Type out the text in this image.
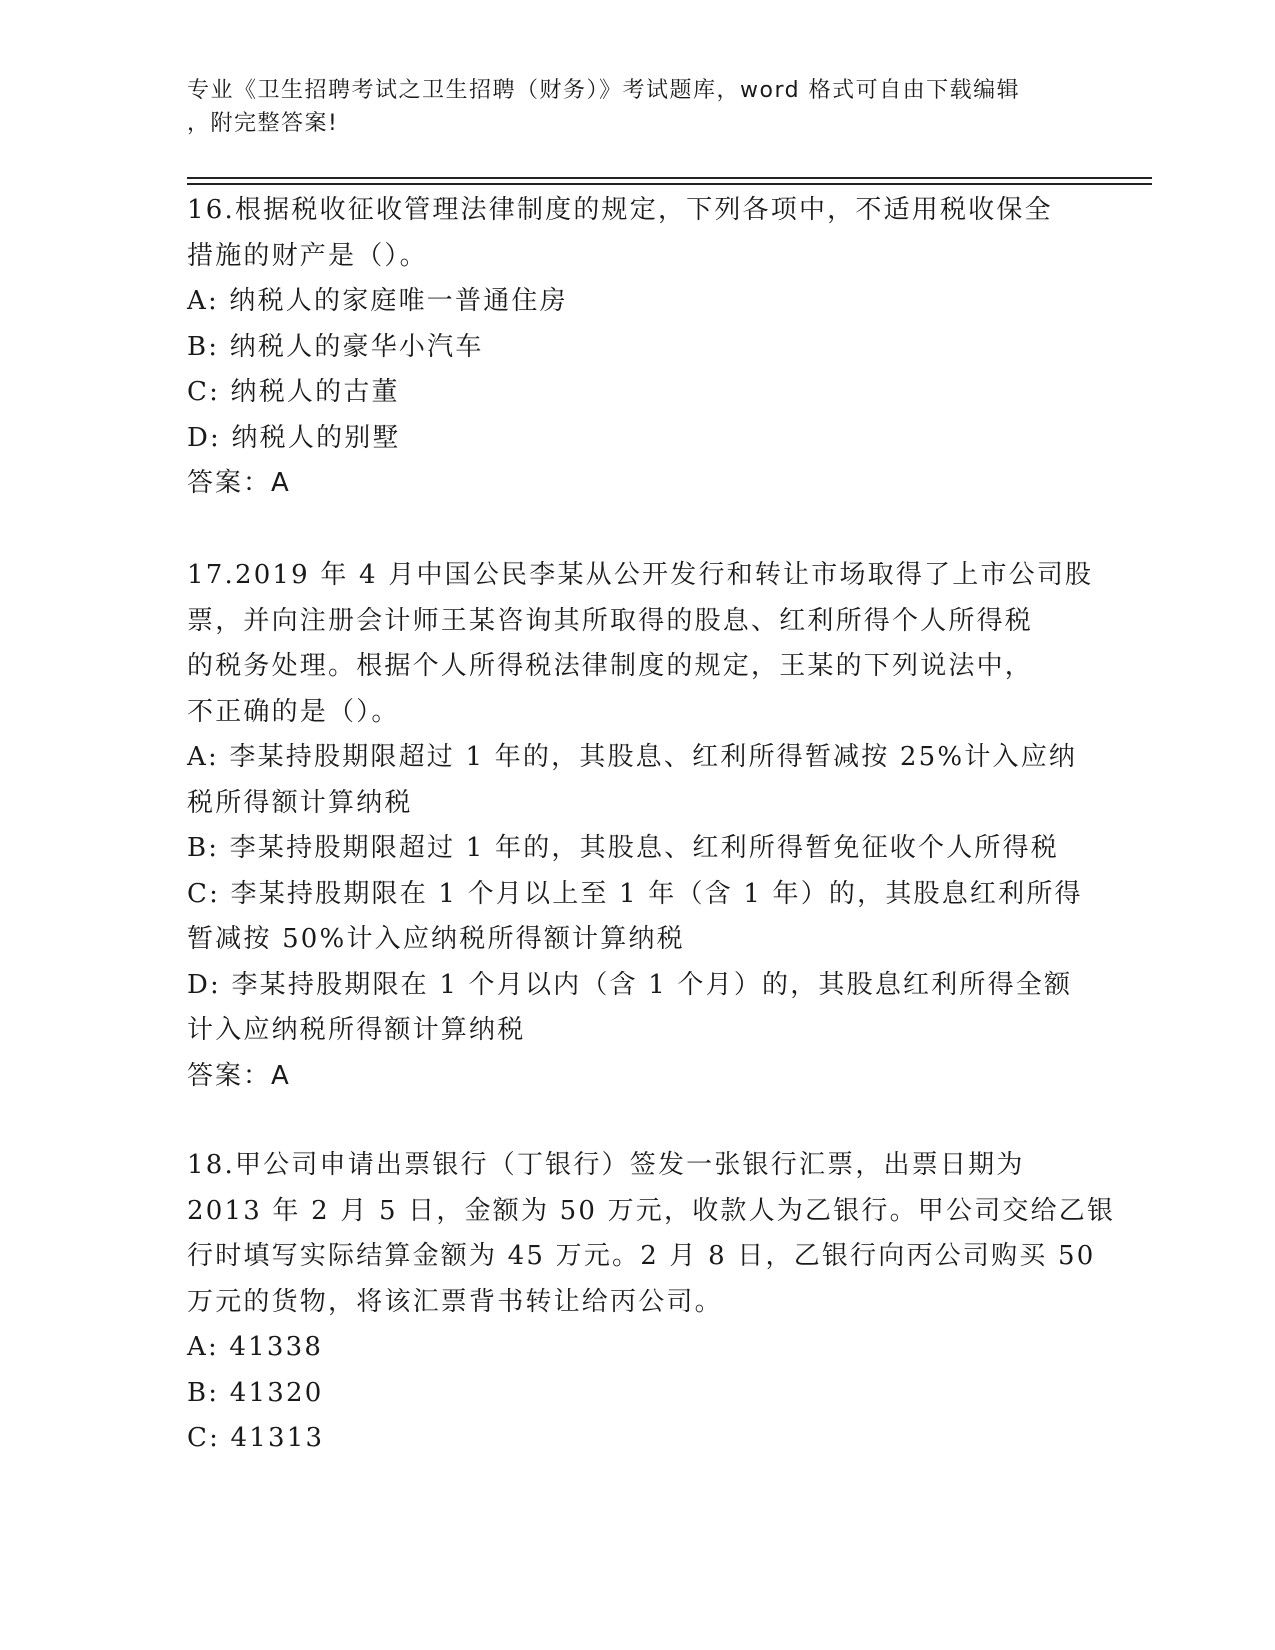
专业《卫生招聘考试之卫生招聘（财务）》考试题库，word 格式可自由下载编辑
，附完整答案!
16.根据税收征收管理法律制度的规定，下列各项中，不适用税收保全
措施的财产是（）。
A: 纳税人的家庭唯一普通住房
B: 纳税人的豪华小汽车
C: 纳税人的古董
D: 纳税人的别墅
答案：A
17.2019 年 4 月中国公民李某从公开发行和转让市场取得了上市公司股
票，并向注册会计师王某咨询其所取得的股息、红利所得个人所得税
的税务处理。根据个人所得税法律制度的规定，王某的下列说法中，
不正确的是（）。
A: 李某持股期限超过 1 年的，其股息、红利所得暂减按 25%计入应纳
税所得额计算纳税
B: 李某持股期限超过 1 年的，其股息、红利所得暂免征收个人所得税
C: 李某持股期限在 1 个月以上至 1 年（含 1 年）的，其股息红利所得
暂减按 50%计入应纳税所得额计算纳税
D: 李某持股期限在 1 个月以内（含 1 个月）的，其股息红利所得全额
计入应纳税所得额计算纳税
答案：A
18.甲公司申请出票银行（丁银行）签发一张银行汇票，出票日期为
2013 年 2 月 5 日，金额为 50 万元，收款人为乙银行。甲公司交给乙银
行时填写实际结算金额为 45 万元。2 月 8 日，乙银行向丙公司购买 50
万元的货物，将该汇票背书转让给丙公司。
A: 41338
B: 41320
C: 41313
